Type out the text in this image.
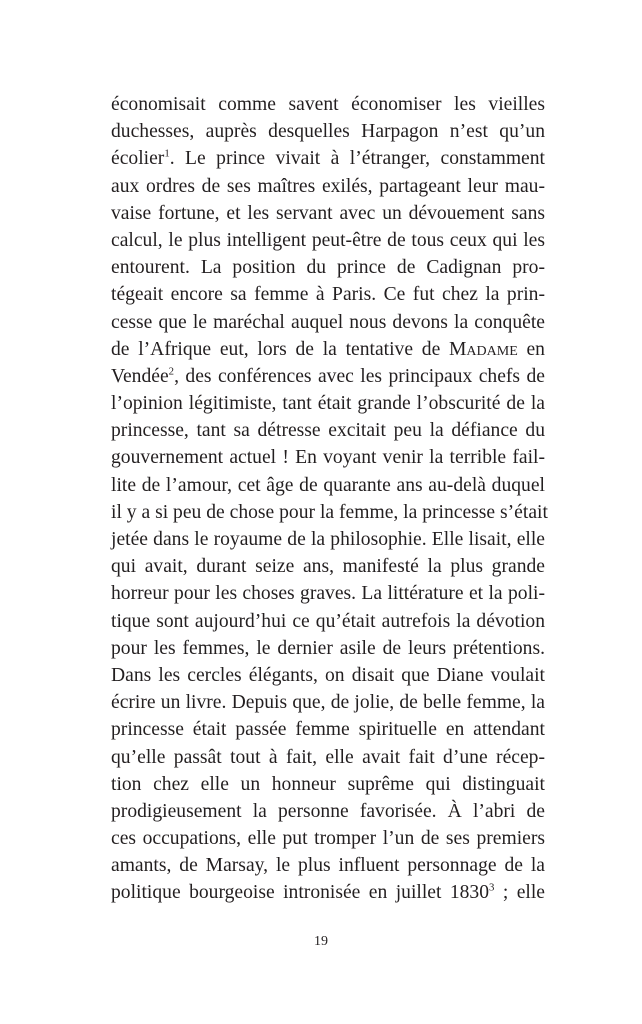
économisait comme savent économiser les vieilles
duchesses, auprès desquelles Harpagon n’est qu’un
écolier$^1$. Le prince vivait à l’étranger, constamment
aux ordres de ses maîtres exilés, partageant leur mau-
vaise fortune, et les servant avec un dévouement sans
calcul, le plus intelligent peut-être de tous ceux qui les
entourent. La position du prince de Cadignan pro-
tégeait encore sa femme à Paris. Ce fut chez la prin-
cesse que le maréchal auquel nous devons la conquête
de l’Afrique eut, lors de la tentative de Madame en
Vendée$^2$, des conférences avec les principaux chefs de
l’opinion légitimiste, tant était grande l’obscurité de la
princesse, tant sa détresse excitait peu la défiance du
gouvernement actuel ! En voyant venir la terrible fail-
lite de l’amour, cet âge de quarante ans au-delà duquel
il y a si peu de chose pour la femme, la princesse s’était
jetée dans le royaume de la philosophie. Elle lisait, elle
qui avait, durant seize ans, manifesté la plus grande
horreur pour les choses graves. La littérature et la poli-
tique sont aujourd’hui ce qu’était autrefois la dévotion
pour les femmes, le dernier asile de leurs prétentions.
Dans les cercles élégants, on disait que Diane voulait
écrire un livre. Depuis que, de jolie, de belle femme, la
princesse était passée femme spirituelle en attendant
qu’elle passât tout à fait, elle avait fait d’une récep-
tion chez elle un honneur suprême qui distinguait
prodigieusement la personne favorisée. À l’abri de
ces occupations, elle put tromper l’un de ses premiers
amants, de Marsay, le plus influent personnage de la
politique bourgeoise intronisée en juillet 1830$^3$ ; elle
19
